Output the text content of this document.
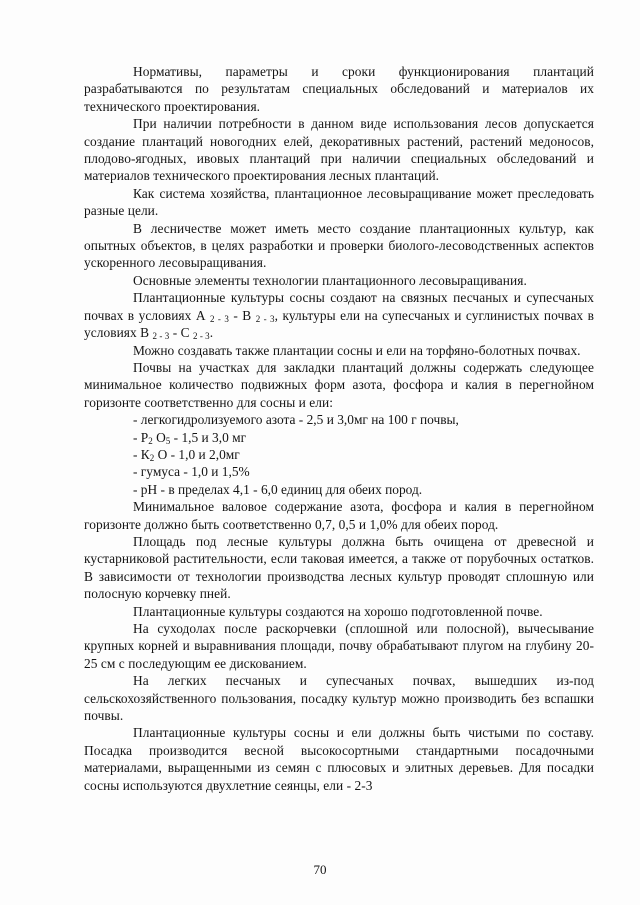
Нормативы, параметры и сроки функционирования плантаций разрабатываются по результатам специальных обследований и материалов их технического проектирования.

При наличии потребности в данном виде использования лесов допускается создание плантаций новогодних елей, декоративных растений, растений медоносов, плодово-ягодных, ивовых плантаций при наличии специальных обследований и материалов технического проектирования лесных плантаций.

Как система хозяйства, плантационное лесовыращивание может преследовать разные цели.

В лесничестве может иметь место создание плантационных культур, как опытных объектов, в целях разработки и проверки биолого-лесоводственных аспектов ускоренного лесовыращивания.

Основные элементы технологии плантационного лесовыращивания.

Плантационные культуры сосны создают на связных песчаных и супесчаных почвах в условиях А $_{2 - 3}$ - В $_{2 - 3}$, культуры ели на супесчаных и суглинистых почвах в условиях В $_{2 - 3}$ - С $_{2 - 3}$.

Можно создавать также плантации сосны и ели на торфяно-болотных почвах.

Почвы на участках для закладки плантаций должны содержать следующее минимальное количество подвижных форм азота, фосфора и калия в перегнойном горизонте соответственно для сосны и ели:

- легкогидролизуемого азота - 2,5 и 3,0мг на 100 г почвы,

- $Р_2$ $О_5 - 1,5$ и 3,0 мг

- $К_2$ О - 1,0 и 2,0мг

- гумуса - 1,0 и 1,5%

- pH - в пределах 4,1 - 6,0 единиц для обеих пород.

Минимальное валовое содержание азота, фосфора и калия в перегнойном горизонте должно быть соответственно 0,7, 0,5 и 1,0% для обеих пород.

Площадь под лесные культуры должна быть очищена от древесной и кустарниковой растительности, если таковая имеется, а также от порубочных остатков. В зависимости от технологии производства лесных культур проводят сплошную или полосную корчевку пней.

Плантационные культуры создаются на хорошо подготовленной почве.

На суходолах после раскорчевки (сплошной или полосной), вычесывание крупных корней и выравнивания площади, почву обрабатывают плугом на глубину 20-25 см с последующим ее дискованием.

На легких песчаных и супесчаных почвах, вышедших из-под сельскохозяйственного пользования, посадку культур можно производить без вспашки почвы.

Плантационные культуры сосны и ели должны быть чистыми по составу. Посадка производится весной высокосортными стандартными посадочными материалами, выращенными из семян с плюсовых и элитных деревьев. Для посадки сосны используются двухлетние сеянцы, ели - 2-3

70
